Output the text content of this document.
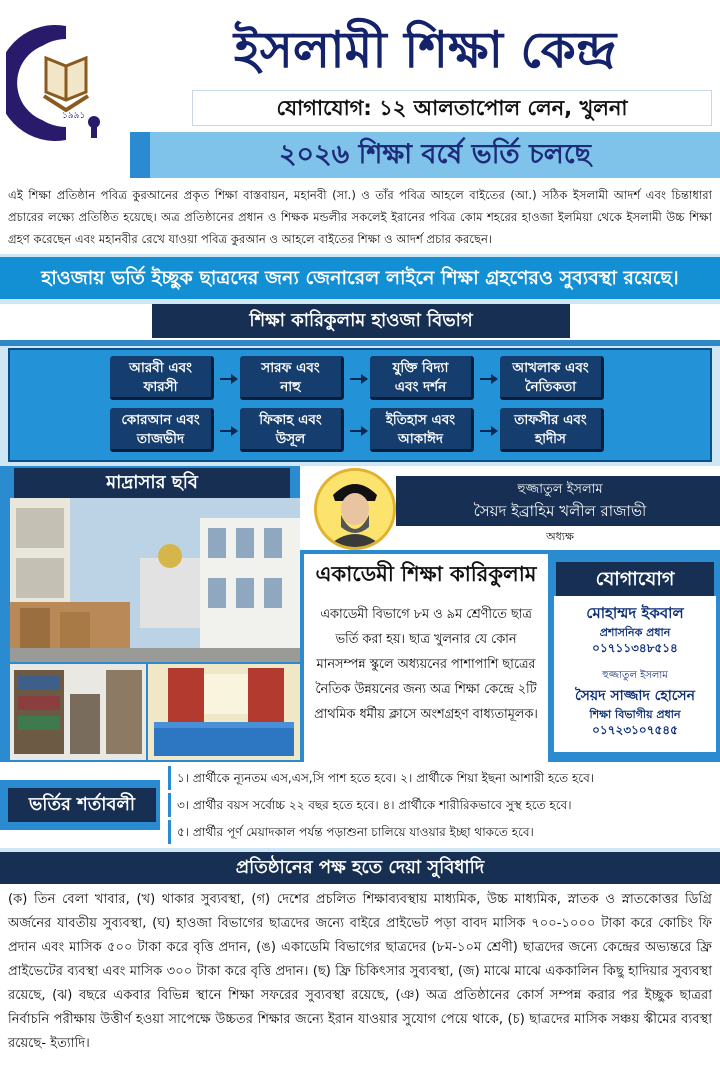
১৯৯১
ইসলামী শিক্ষা কেন্দ্র
যোগাযোগ: ১২ আলতাপোল লেন, খুলনা
২০২৬ শিক্ষা বর্ষে ভর্তি চলছে
এই শিক্ষা প্রতিষ্ঠান পবিত্র কুরআনের প্রকৃত শিক্ষা বাস্তবায়ন, মহানবী (সা.) ও তাঁর পবিত্র আহলে বাইতের (আ.) সঠিক ইসলামী আদর্শ এবং চিন্তাধারা প্রচারের লক্ষ্যে প্রতিষ্ঠিত হয়েছে। অত্র প্রতিষ্ঠানের প্রধান ও শিক্ষক মন্ডলীর সকলেই ইরানের পবিত্র কোম শহরের হাওজা ইলমিয়া থেকে ইসলামী উচ্চ শিক্ষা গ্রহণ করেছেন এবং মহানবীর রেখে যাওয়া পবিত্র কুরআন ও আহলে বাইতের শিক্ষা ও আদর্শ প্রচার করছেন।
হাওজায় ভর্তি ইচ্ছুক ছাত্রদের জন্য জেনারেল লাইনে শিক্ষা গ্রহণেরও সুব্যবস্থা রয়েছে।
শিক্ষা কারিকুলাম হাওজা বিভাগ
আরবী এবং
ফারসী
সারফ এবং
নাহু
যুক্তি বিদ্যা
এবং দর্শন
আখলাক এবং
নৈতিকতা
কোরআন এবং
তাজভীদ
ফিকাহ এবং
উসূল
ইতিহাস এবং
আকাঈদ
তাফসীর এবং
হাদীস
মাদ্রাসার ছবি	হুজ্জাতুল ইসলাম
সৈয়দ ইব্রাহিম খলীল রাজাভী
অধ্যক্ষ
একাডেমী শিক্ষা কারিকুলাম
একাডেমী বিভাগে ৮ম ও ৯ম শ্রেণীতে ছাত্র ভর্তি করা হয়। ছাত্র খুলনার যে কোন মানসম্পন্ন স্কুলে অধ্যয়নের পাশাপাশি ছাত্রের নৈতিক উন্নয়নের জন্য অত্র শিক্ষা কেন্দ্রে ২টি প্রাথমিক ধর্মীয় ক্লাসে অংশগ্রহণ বাধ্যতামূলক।
যোগাযোগ
মোহাম্মদ ইকবাল
প্রশাসনিক প্রধান
০১৭১১৩৪৮৫১৪
হুজ্জাতুল ইসলাম
সৈয়দ সাজ্জাদ হোসেন
শিক্ষা বিভাগীয় প্রধান
০১৭২৩১০৭৫৪৫
ভর্তির শর্তাবলী
১। প্রার্থীকে ন্যূনতম এস,এস,সি পাশ হতে হবে। ২। প্রার্থীকে শিয়া ইছনা আশারী হতে হবে।
৩। প্রার্থীর বয়স সর্বোচ্চ ২২ বছর হতে হবে। ৪। প্রার্থীকে শারীরিকভাবে সুস্থ হতে হবে।
৫। প্রার্থীর পূর্ণ মেয়াদকাল পর্যন্ত পড়াশুনা চালিয়ে যাওয়ার ইচ্ছা থাকতে হবে।
প্রতিষ্ঠানের পক্ষ হতে দেয়া সুবিধাদি
(ক) তিন বেলা খাবার, (খ) থাকার সুব্যবস্থা, (গ) দেশের প্রচলিত শিক্ষাব্যবস্থায় মাধ্যমিক, উচ্চ মাধ্যমিক, স্নাতক ও স্নাতকোত্তর ডিগ্রি অর্জনের যাবতীয় সুব্যবস্থা, (ঘ) হাওজা বিভাগের ছাত্রদের জন্যে বাইরে প্রাইভেট পড়া বাবদ মাসিক ৭০০-১০০০ টাকা করে কোচিং ফি প্রদান এবং মাসিক ৫০০ টাকা করে বৃত্তি প্রদান, (ঙ) একাডেমি বিভাগের ছাত্রদের (৮ম-১০ম শ্রেণী) ছাত্রদের জন্যে কেন্দ্রের অভ্যন্তরে ফ্রি প্রাইভেটের ব্যবস্থা এবং মাসিক ৩০০ টাকা করে বৃত্তি প্রদান। (ছ) ফ্রি চিকিৎসার সুব্যবস্থা, (জ) মাঝে মাঝে এককালিন কিছু হাদিয়ার সুব্যবস্থা রয়েছে, (ঝ) বছরে একবার বিভিন্ন স্থানে শিক্ষা সফরের সুব্যবস্থা রয়েছে, (ঞ) অত্র প্রতিষ্ঠানের কোর্স সম্পন্ন করার পর ইচ্ছুক ছাত্ররা নির্বাচনি পরীক্ষায় উত্তীর্ণ হওয়া সাপেক্ষে উচ্চতর শিক্ষার জন্যে ইরান যাওয়ার সুযোগ পেয়ে থাকে, (চ) ছাত্রদের মাসিক সঞ্চয় স্কীমের ব্যবস্থা রয়েছে- ইত্যাদি।
